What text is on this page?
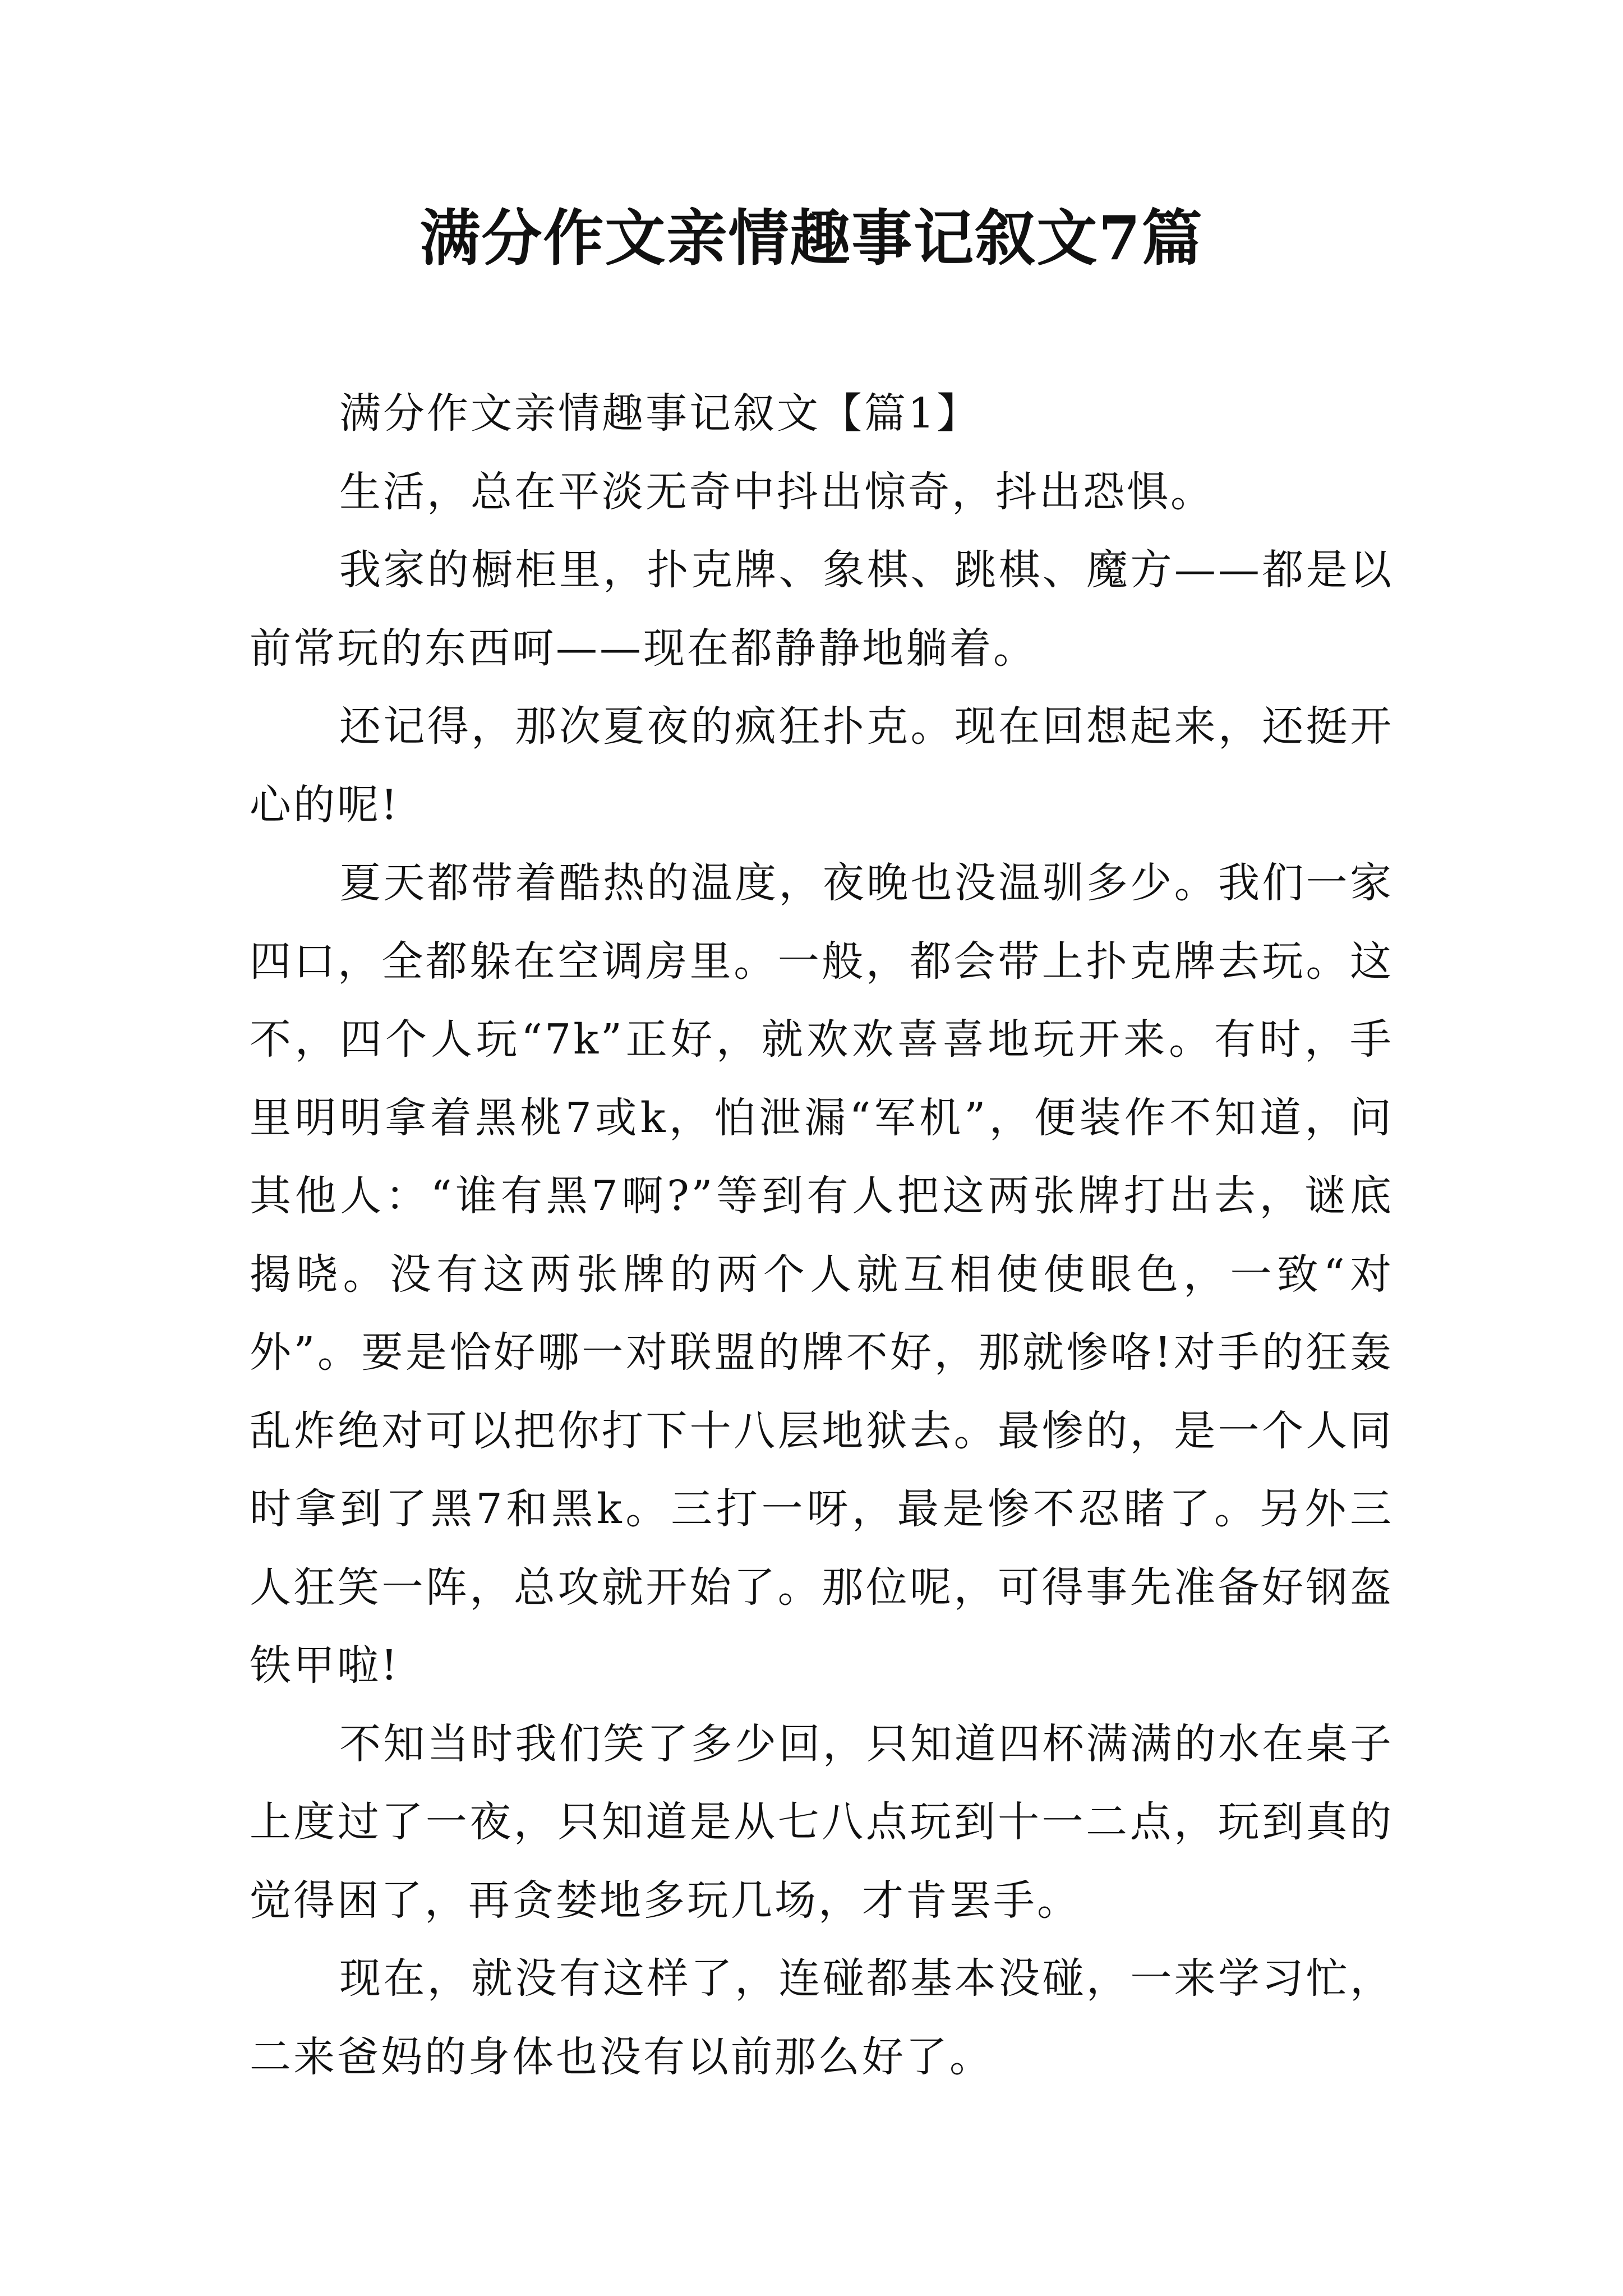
满分作文亲情趣事记叙文7篇

满分作文亲情趣事记叙文【篇1】

生活，总在平淡无奇中抖出惊奇，抖出恐惧。

我家的橱柜里，扑克牌、象棋、跳棋、魔方——都是以前常玩的东西呵——现在都静静地躺着。

还记得，那次夏夜的疯狂扑克。现在回想起来，还挺开心的呢!

夏天都带着酷热的温度，夜晚也没温驯多少。我们一家四口，全都躲在空调房里。一般，都会带上扑克牌去玩。这不，四个人玩“7k”正好，就欢欢喜喜地玩开来。有时，手里明明拿着黑桃7或k，怕泄漏“军机”，便装作不知道，问其他人：“谁有黑7啊?”等到有人把这两张牌打出去，谜底揭晓。没有这两张牌的两个人就互相使使眼色，一致“对外”。要是恰好哪一对联盟的牌不好，那就惨咯!对手的狂轰乱炸绝对可以把你打下十八层地狱去。最惨的，是一个人同时拿到了黑7和黑k。三打一呀，最是惨不忍睹了。另外三人狂笑一阵，总攻就开始了。那位呢，可得事先准备好钢盔铁甲啦!

不知当时我们笑了多少回，只知道四杯满满的水在桌子上度过了一夜，只知道是从七八点玩到十一二点，玩到真的觉得困了，再贪婪地多玩几场，才肯罢手。

现在，就没有这样了，连碰都基本没碰，一来学习忙，二来爸妈的身体也没有以前那么好了。
